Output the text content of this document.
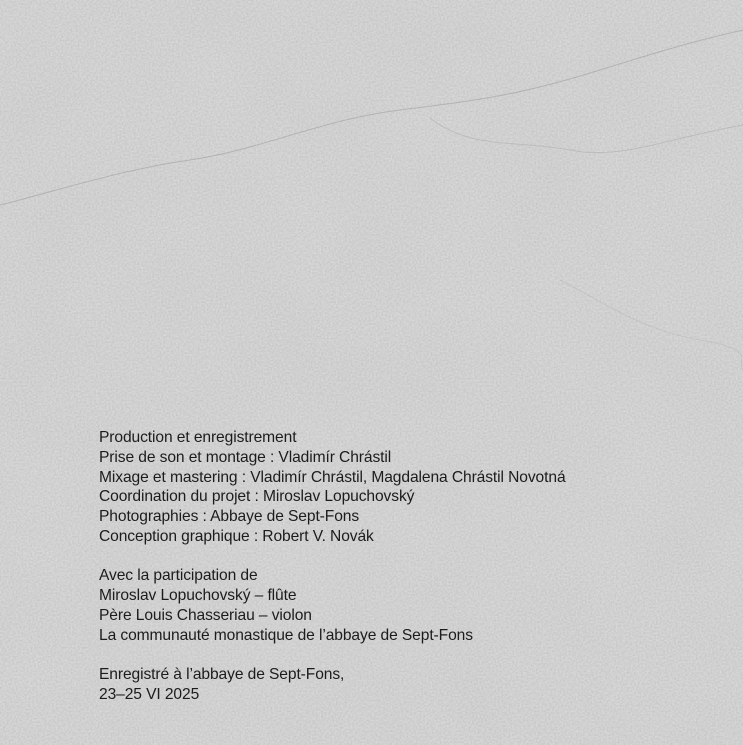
Production et enregistrement
Prise de son et montage : Vladimír Chrástil
Mixage et mastering : Vladimír Chrástil, Magdalena Chrástil Novotná
Coordination du projet : Miroslav Lopuchovský
Photographies : Abbaye de Sept-Fons
Conception graphique : Robert V. Novák
Avec la participation de
Miroslav Lopuchovský – flûte
Père Louis Chasseriau – violon
La communauté monastique de l’abbaye de Sept-Fons
Enregistré à l’abbaye de Sept-Fons,
23–25 VI 2025
